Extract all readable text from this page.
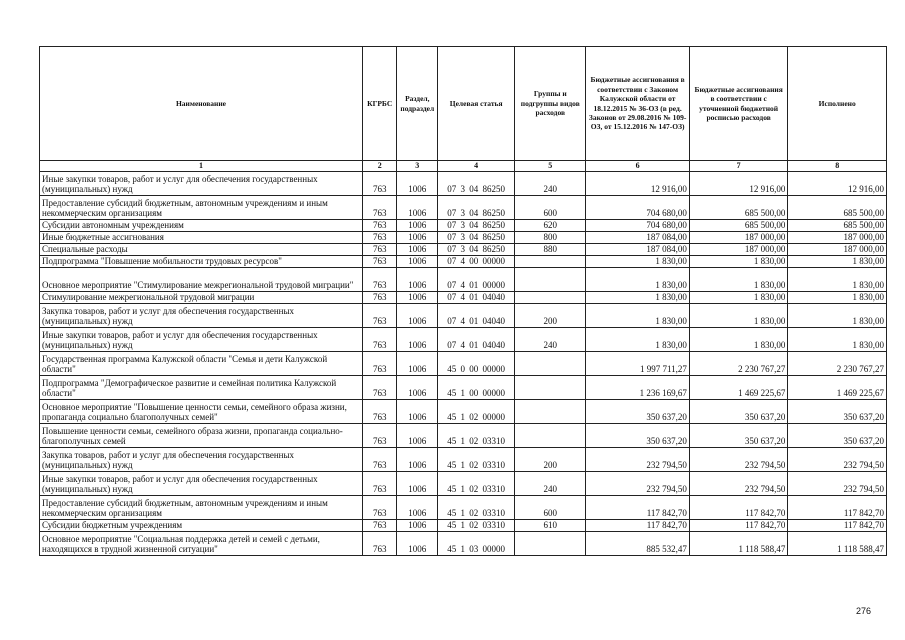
Наименование	КГРБС	Раздел, подраздел	Целевая статья	Группы и подгруппы видов расходов	Бюджетные ассигнования в соответствии с Законом Калужской области от 18.12.2015 № 36-ОЗ (в ред. Законов от 29.08.2016 № 109-ОЗ, от 15.12.2016 № 147-ОЗ)	Бюджетные ассигнования в соответствии с уточненной бюджетной росписью расходов	Исполнено
1	2	3	4	5	6	7	8
Иные закупки товаров, работ и услуг для обеспечения государственных (муниципальных) нужд	763	1006	07 3 04 86250	240	12 916,00	12 916,00	12 916,00
Предоставление субсидий бюджетным, автономным учреждениям и иным некоммерческим организациям	763	1006	07 3 04 86250	600	704 680,00	685 500,00	685 500,00
Субсидии автономным учреждениям	763	1006	07 3 04 86250	620	704 680,00	685 500,00	685 500,00
Иные бюджетные ассигнования	763	1006	07 3 04 86250	800	187 084,00	187 000,00	187 000,00
Специальные расходы	763	1006	07 3 04 86250	880	187 084,00	187 000,00	187 000,00
Подпрограмма "Повышение мобильности трудовых ресурсов"	763	1006	07 4 00 00000		1 830,00	1 830,00	1 830,00
Основное мероприятие "Стимулирование межрегиональной трудовой миграции"	763	1006	07 4 01 00000		1 830,00	1 830,00	1 830,00
Стимулирование межрегиональной трудовой миграции	763	1006	07 4 01 04040		1 830,00	1 830,00	1 830,00
Закупка товаров, работ и услуг для обеспечения государственных (муниципальных) нужд	763	1006	07 4 01 04040	200	1 830,00	1 830,00	1 830,00
Иные закупки товаров, работ и услуг для обеспечения государственных (муниципальных) нужд	763	1006	07 4 01 04040	240	1 830,00	1 830,00	1 830,00
Государственная программа Калужской области "Семья и дети Калужской области"	763	1006	45 0 00 00000		1 997 711,27	2 230 767,27	2 230 767,27
Подпрограмма "Демографическое развитие и семейная политика Калужской области"	763	1006	45 1 00 00000		1 236 169,67	1 469 225,67	1 469 225,67
Основное мероприятие "Повышение ценности семьи, семейного образа жизни, пропаганда социально благополучных семей"	763	1006	45 1 02 00000		350 637,20	350 637,20	350 637,20
Повышение ценности семьи, семейного образа жизни, пропаганда социально-благополучных семей	763	1006	45 1 02 03310		350 637,20	350 637,20	350 637,20
Закупка товаров, работ и услуг для обеспечения государственных (муниципальных) нужд	763	1006	45 1 02 03310	200	232 794,50	232 794,50	232 794,50
Иные закупки товаров, работ и услуг для обеспечения государственных (муниципальных) нужд	763	1006	45 1 02 03310	240	232 794,50	232 794,50	232 794,50
Предоставление субсидий бюджетным, автономным учреждениям и иным некоммерческим организациям	763	1006	45 1 02 03310	600	117 842,70	117 842,70	117 842,70
Субсидии бюджетным учреждениям	763	1006	45 1 02 03310	610	117 842,70	117 842,70	117 842,70
Основное мероприятие "Социальная поддержка детей и семей с детьми, находящихся в трудной жизненной ситуации"	763	1006	45 1 03 00000		885 532,47	1 118 588,47	1 118 588,47
276
